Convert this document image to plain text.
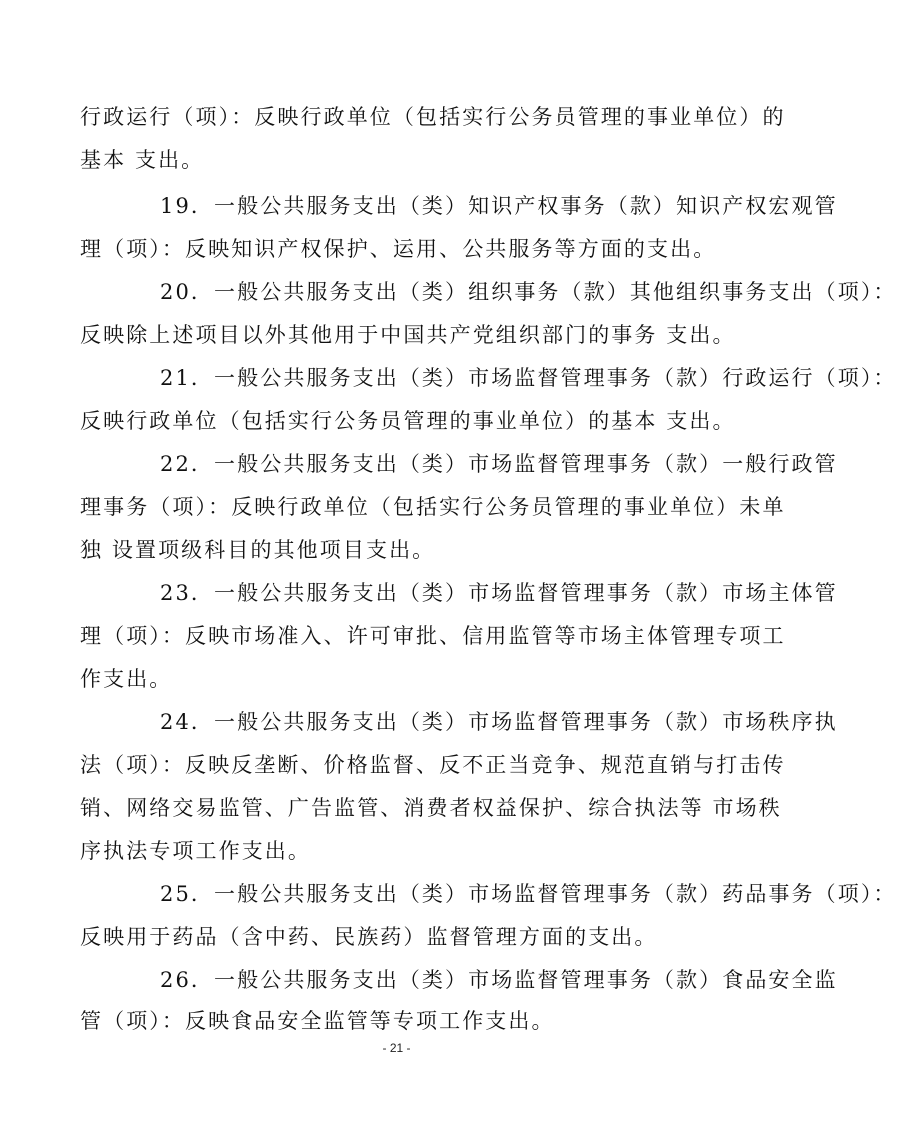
行政运行（项）：反映行政单位（包括实行公务员管理的事业单位）的
基本 支出。
19．一般公共服务支出（类）知识产权事务（款）知识产权宏观管
理（项）：反映知识产权保护、运用、公共服务等方面的支出。
20．一般公共服务支出（类）组织事务（款）其他组织事务支出（项）：
反映除上述项目以外其他用于中国共产党组织部门的事务 支出。
21．一般公共服务支出（类）市场监督管理事务（款）行政运行（项）：
反映行政单位（包括实行公务员管理的事业单位）的基本 支出。
22．一般公共服务支出（类）市场监督管理事务（款）一般行政管
理事务（项）：反映行政单位（包括实行公务员管理的事业单位）未单
独 设置项级科目的其他项目支出。
23．一般公共服务支出（类）市场监督管理事务（款）市场主体管
理（项）：反映市场准入、许可审批、信用监管等市场主体管理专项工
作支出。
24．一般公共服务支出（类）市场监督管理事务（款）市场秩序执
法（项）：反映反垄断、价格监督、反不正当竞争、规范直销与打击传
销、网络交易监管、广告监管、消费者权益保护、综合执法等 市场秩
序执法专项工作支出。
25．一般公共服务支出（类）市场监督管理事务（款）药品事务（项）：
反映用于药品（含中药、民族药）监督管理方面的支出。
26．一般公共服务支出（类）市场监督管理事务（款）食品安全监
管（项）：反映食品安全监管等专项工作支出。
- 21 -
